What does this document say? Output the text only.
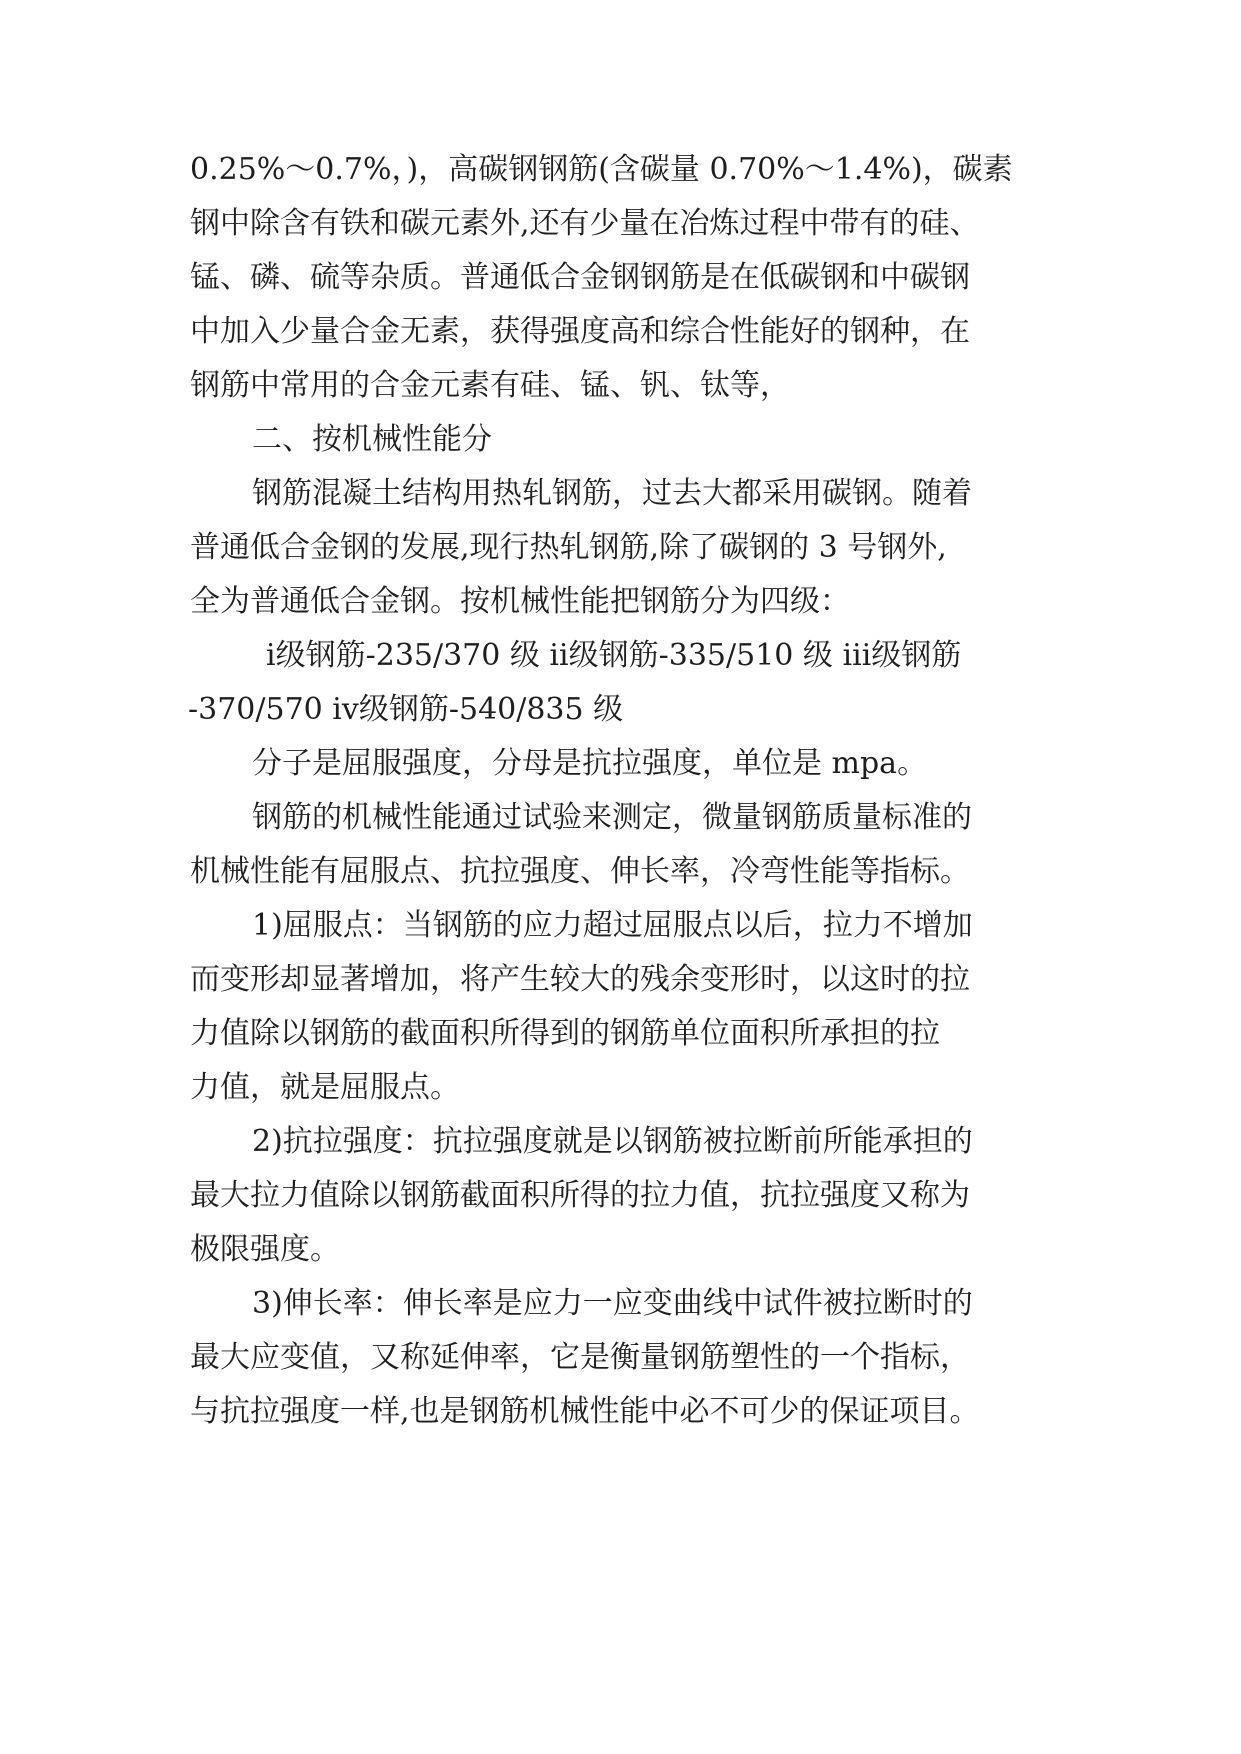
0.25%～0.7%，)，高碳钢钢筋(含碳量 0.70%～1.4%)，碳素
钢中除含有铁和碳元素外,还有少量在冶炼过程中带有的硅、
锰、磷、硫等杂质。普通低合金钢钢筋是在低碳钢和中碳钢
中加入少量合金无素，获得强度高和综合性能好的钢种，在
钢筋中常用的合金元素有硅、锰、钒、钛等，
二、按机械性能分
钢筋混凝土结构用热轧钢筋，过去大都采用碳钢。随着
普通低合金钢的发展,现行热轧钢筋,除了碳钢的 3 号钢外,
全为普通低合金钢。按机械性能把钢筋分为四级：
ⅰ级钢筋-235/370 级 ⅱ级钢筋-335/510 级 ⅲ级钢筋
-370/570 ⅳ级钢筋-540/835 级
分子是屈服强度，分母是抗拉强度，单位是 mpa。
钢筋的机械性能通过试验来测定，微量钢筋质量标准的
机械性能有屈服点、抗拉强度、伸长率，冷弯性能等指标。
1)屈服点：当钢筋的应力超过屈服点以后，拉力不增加
而变形却显著增加，将产生较大的残余变形时，以这时的拉
力值除以钢筋的截面积所得到的钢筋单位面积所承担的拉
力值，就是屈服点。
2)抗拉强度：抗拉强度就是以钢筋被拉断前所能承担的
最大拉力值除以钢筋截面积所得的拉力值，抗拉强度又称为
极限强度。
3)伸长率：伸长率是应力一应变曲线中试件被拉断时的
最大应变值，又称延伸率，它是衡量钢筋塑性的一个指标，
与抗拉强度一样,也是钢筋机械性能中必不可少的保证项目。
